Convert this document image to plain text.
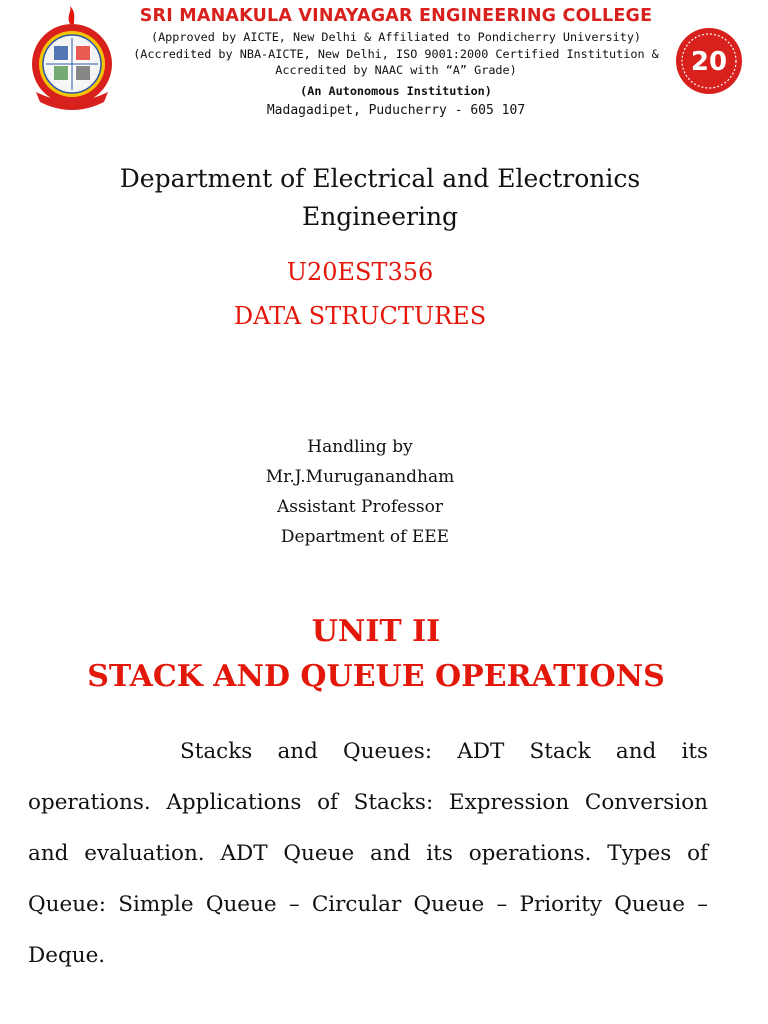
SRI MANAKULA VINAYAGAR ENGINEERING COLLEGE
(Approved by AICTE, New Delhi & Affiliated to Pondicherry University)
(Accredited by NBA-AICTE, New Delhi, ISO 9001:2000 Certified Institution &
Accredited by NAAC with “A” Grade)
(An Autonomous Institution)
Madagadipet, Puducherry - 605 107
20
Department of Electrical and Electronics Engineering
U20EST356
DATA STRUCTURES
Handling by
Mr.J.Muruganandham
Assistant Professor
Department of EEE
UNIT II
STACK AND QUEUE OPERATIONS
Stacks and Queues: ADT Stack and its operations. Applications of Stacks: Expression Conversion and evaluation. ADT Queue and its operations. Types of Queue: Simple Queue – Circular Queue – Priority Queue – Deque.
